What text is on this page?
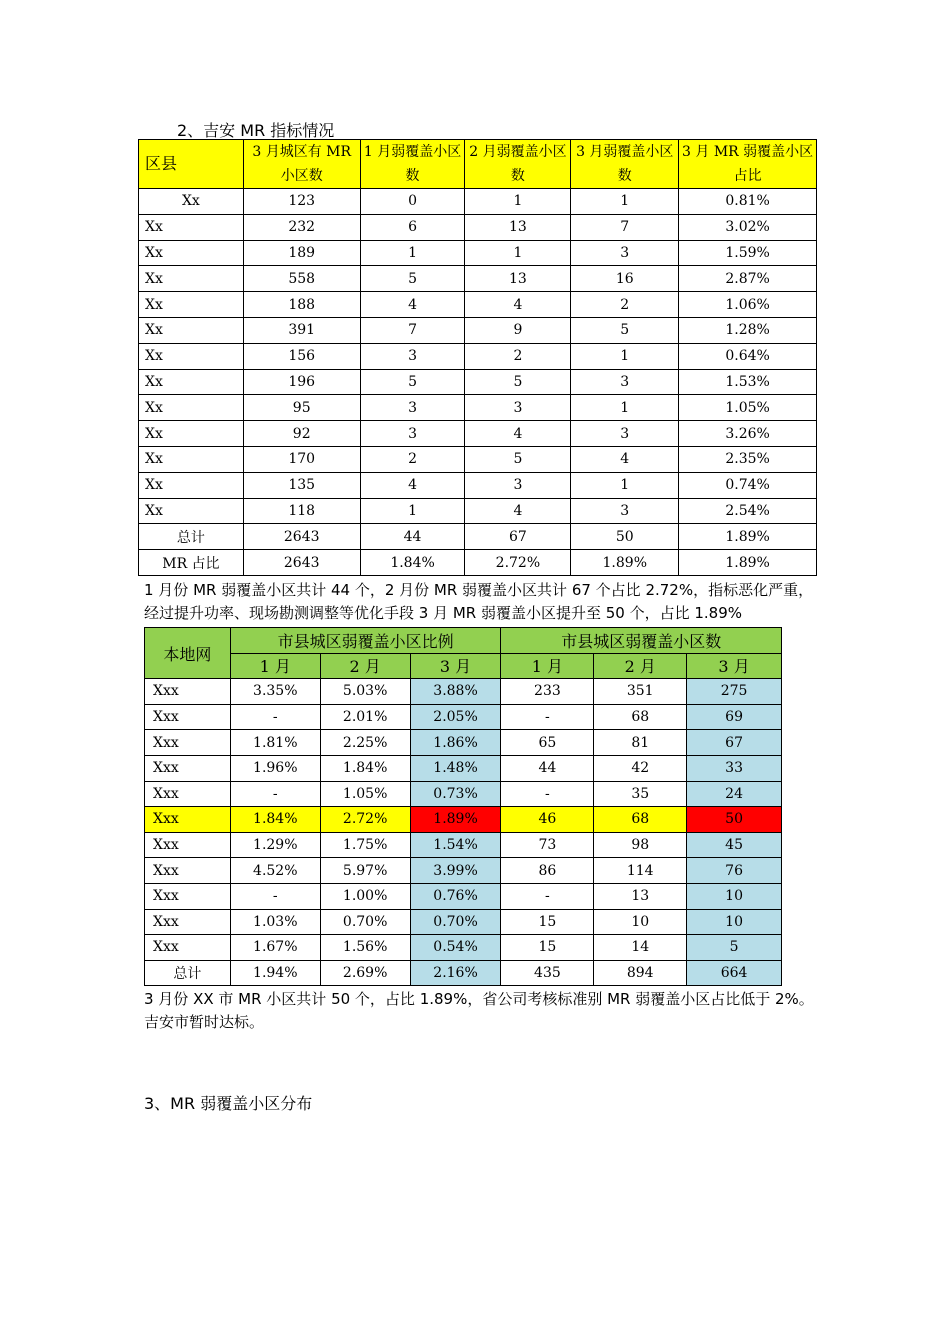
2、吉安 MR 指标情况
区县	3 月城区有 MR 小区数	1 月弱覆盖小区数	2 月弱覆盖小区数	3 月弱覆盖小区数	3 月 MR 弱覆盖小区占比
Xx	123	0	1	1	0.81%
Xx	232	6	13	7	3.02%
Xx	189	1	1	3	1.59%
Xx	558	5	13	16	2.87%
Xx	188	4	4	2	1.06%
Xx	391	7	9	5	1.28%
Xx	156	3	2	1	0.64%
Xx	196	5	5	3	1.53%
Xx	95	3	3	1	1.05%
Xx	92	3	4	3	3.26%
Xx	170	2	5	4	2.35%
Xx	135	4	3	1	0.74%
Xx	118	1	4	3	2.54%
总计	2643	44	67	50	1.89%
MR 占比	2643	1.84%	2.72%	1.89%	1.89%
1 月份 MR 弱覆盖小区共计 44 个，2 月份 MR 弱覆盖小区共计 67 个占比 2.72%，指标恶化严重，经过提升功率、现场勘测调整等优化手段 3 月 MR 弱覆盖小区提升至 50 个，占比 1.89%
本地网	市县城区弱覆盖小区比例			市县城区弱覆盖小区数		
	1 月	2 月	3 月	1 月	2 月	3 月
Xxx	3.35%	5.03%	3.88%	233	351	275
Xxx	-	2.01%	2.05%	-	68	69
Xxx	1.81%	2.25%	1.86%	65	81	67
Xxx	1.96%	1.84%	1.48%	44	42	33
Xxx	-	1.05%	0.73%	-	35	24
Xxx	1.84%	2.72%	1.89%	46	68	50
Xxx	1.29%	1.75%	1.54%	73	98	45
Xxx	4.52%	5.97%	3.99%	86	114	76
Xxx	-	1.00%	0.76%	-	13	10
Xxx	1.03%	0.70%	0.70%	15	10	10
Xxx	1.67%	1.56%	0.54%	15	14	5
总计	1.94%	2.69%	2.16%	435	894	664
3 月份 XX 市 MR 小区共计 50 个，占比 1.89%，省公司考核标准别 MR 弱覆盖小区占比低于 2%。吉安市暂时达标。
3、MR 弱覆盖小区分布
